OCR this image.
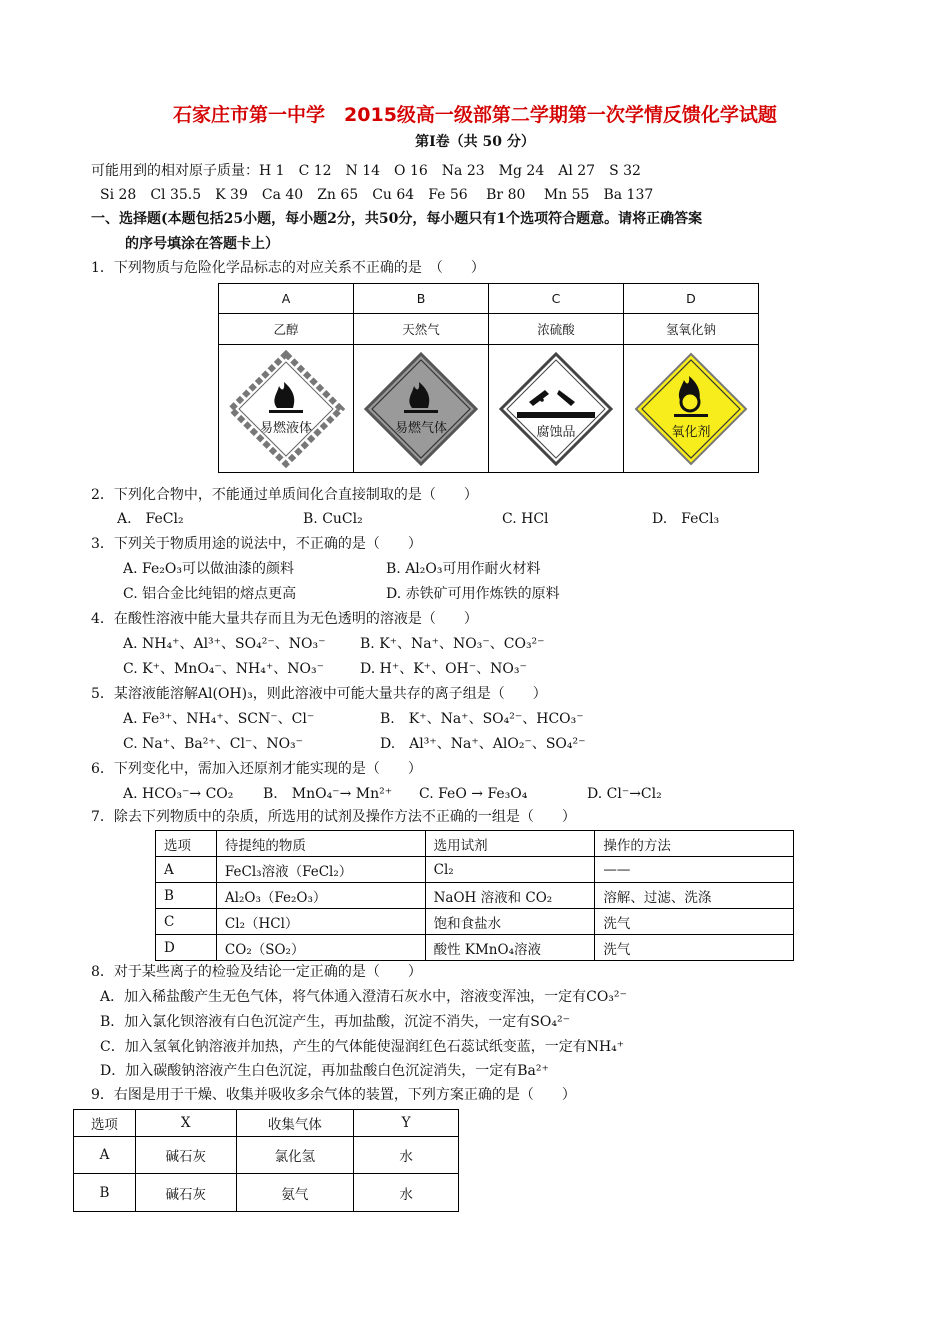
石家庄市第一中学　2015级高一级部第二学期第一次学情反馈化学试题
第Ⅰ卷（共 50 分）
可能用到的相对原子质量：H 1　C 12　N 14　O 16　Na 23　Mg 24　Al 27　S 32
Si 28　Cl 35.5　K 39　Ca 40　Zn 65　Cu 64　Fe 56　 Br 80　 Mn 55　Ba 137
一、选择题(本题包括25小题，每小题2分，共50分，每小题只有1个选项符合题意。请将正确答案
的序号填涂在答题卡上）
1．下列物质与危险化学品标志的对应关系不正确的是　（　　）
A	B	C	D
乙醇	天然气	浓硫酸	氢氧化钠

易燃液体	易燃气体	腐蚀品	氧化剂
2．下列化合物中，不能通过单质间化合直接制取的是（　　）
A.　FeCl₂	B. CuCl₂	C. HCl	D.　FeCl₃
3．下列关于物质用途的说法中，不正确的是（　　）
A. Fe₂O₃可以做油漆的颜料	B. Al₂O₃可用作耐火材料
C. 铝合金比纯铝的熔点更高	D. 赤铁矿可用作炼铁的原料
4．在酸性溶液中能大量共存而且为无色透明的溶液是（　　）
A. NH₄⁺、Al³⁺、SO₄²⁻、NO₃⁻ B. K⁺、Na⁺、NO₃⁻、CO₃²⁻
C. K⁺、MnO₄⁻、NH₄⁺、NO₃⁻	D. H⁺、K⁺、OH⁻、NO₃⁻
5．某溶液能溶解Al(OH)₃，则此溶液中可能大量共存的离子组是（　　）
A. Fe³⁺、NH₄⁺、SCN⁻、Cl⁻	B.　K⁺、Na⁺、SO₄²⁻、HCO₃⁻
C. Na⁺、Ba²⁺、Cl⁻、NO₃⁻	D.　Al³⁺、Na⁺、AlO₂⁻、SO₄²⁻
6．下列变化中，需加入还原剂才能实现的是（　　）
A. HCO₃⁻→ CO₂ B.　MnO₄⁻→ Mn²⁺ C. FeO → Fe₃O₄	D. Cl⁻→Cl₂
7．除去下列物质中的杂质，所选用的试剂及操作方法不正确的一组是（　　）
选项	待提纯的物质	选用试剂	操作的方法
A	FeCl₃溶液（FeCl₂）	Cl₂	——
B	Al₂O₃（Fe₂O₃）	NaOH 溶液和 CO₂	溶解、过滤、洗涤
C	Cl₂（HCl）	饱和食盐水	洗气
D	CO₂（SO₂）	酸性 KMnO₄溶液	洗气
8．对于某些离子的检验及结论一定正确的是（　　）
A．加入稀盐酸产生无色气体，将气体通入澄清石灰水中，溶液变浑浊，一定有CO₃²⁻
B．加入氯化钡溶液有白色沉淀产生，再加盐酸，沉淀不消失，一定有SO₄²⁻
C．加入氢氧化钠溶液并加热，产生的气体能使湿润红色石蕊试纸变蓝，一定有NH₄⁺
D．加入碳酸钠溶液产生白色沉淀，再加盐酸白色沉淀消失，一定有Ba²⁺
9．右图是用于干燥、收集并吸收多余气体的装置，下列方案正确的是（　　）
选项	X	收集气体	Y
A	碱石灰	氯化氢	水
B	碱石灰	氨气	水
